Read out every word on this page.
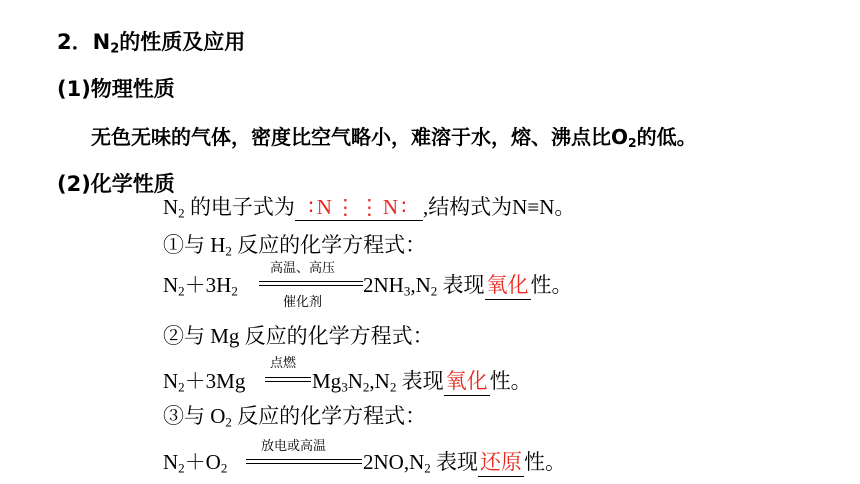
2．$N_2$的性质及应用
(1)物理性质
无色无味的气体，密度比空气略小，难溶于水，熔、沸点比$O_2$的低。
(2)化学性质
$N_2$ 的电子式为 ∶N⋮⋮N∶ ,结构式为N≡N。
①与 $H_2$ 反应的化学方程式：
$N_2+3H_2$
高温、高压
催化剂
$2NH_3,N_2$ 表现氧化性。
②与 Mg 反应的化学方程式：
$N_2+3Mg$
点燃
$Mg_3N_2,N_2$ 表现氧化性。
③与 $O_2$ 反应的化学方程式：
$N_2+O_2$
放电或高温
$2NO,N_2$ 表现还原性。
